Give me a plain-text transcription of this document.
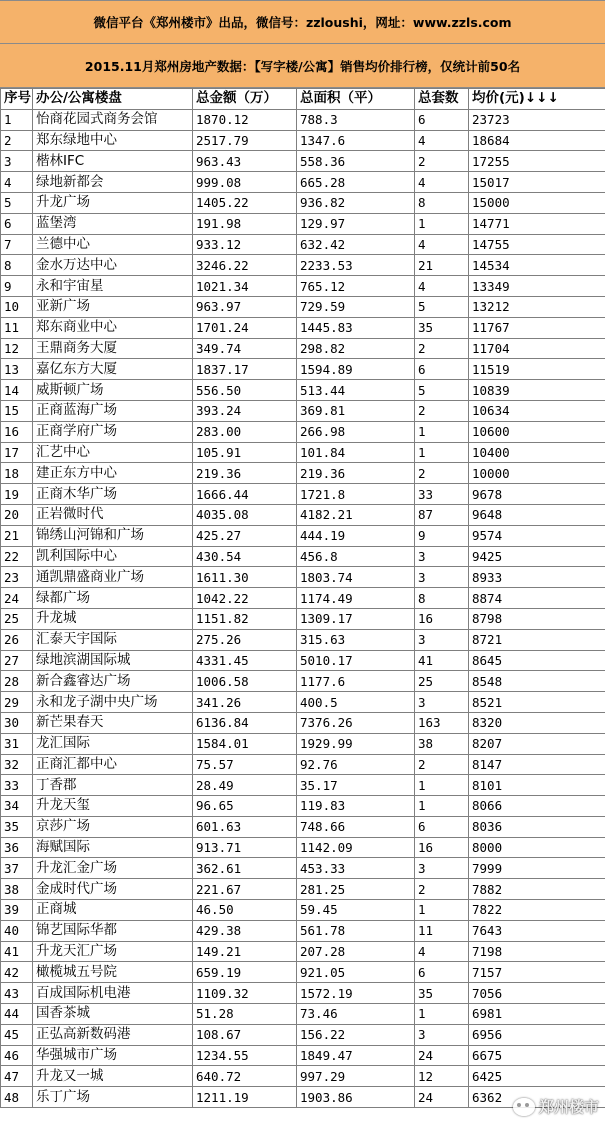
微信平台《郑州楼市》出品，微信号：zzloushi，网址：www.zzls.com
2015.11月郑州房地产数据：【写字楼/公寓】销售均价排行榜，仅统计前50名
序号	办公/公寓楼盘	总金额（万）	总面积（平）	总套数	均价(元)↓↓↓
1	怡商花园式商务会馆	1870.12	788.3	6	23723
2	郑东绿地中心	2517.79	1347.6	4	18684
3	楷林IFC	963.43	558.36	2	17255
4	绿地新都会	999.08	665.28	4	15017
5	升龙广场	1405.22	936.82	8	15000
6	蓝堡湾	191.98	129.97	1	14771
7	兰德中心	933.12	632.42	4	14755
8	金水万达中心	3246.22	2233.53	21	14534
9	永和宇宙星	1021.34	765.12	4	13349
10	亚新广场	963.97	729.59	5	13212
11	郑东商业中心	1701.24	1445.83	35	11767
12	王鼎商务大厦	349.74	298.82	2	11704
13	嘉亿东方大厦	1837.17	1594.89	6	11519
14	威斯顿广场	556.50	513.44	5	10839
15	正商蓝海广场	393.24	369.81	2	10634
16	正商学府广场	283.00	266.98	1	10600
17	汇艺中心	105.91	101.84	1	10400
18	建正东方中心	219.36	219.36	2	10000
19	正商木华广场	1666.44	1721.8	33	9678
20	正岩微时代	4035.08	4182.21	87	9648
21	锦绣山河锦和广场	425.27	444.19	9	9574
22	凯利国际中心	430.54	456.8	3	9425
23	通凯鼎盛商业广场	1611.30	1803.74	3	8933
24	绿都广场	1042.22	1174.49	8	8874
25	升龙城	1151.82	1309.17	16	8798
26	汇泰天宇国际	275.26	315.63	3	8721
27	绿地滨湖国际城	4331.45	5010.17	41	8645
28	新合鑫睿达广场	1006.58	1177.6	25	8548
29	永和龙子湖中央广场	341.26	400.5	3	8521
30	新芒果春天	6136.84	7376.26	163	8320
31	龙汇国际	1584.01	1929.99	38	8207
32	正商汇都中心	75.57	92.76	2	8147
33	丁香郡	28.49	35.17	1	8101
34	升龙天玺	96.65	119.83	1	8066
35	京莎广场	601.63	748.66	6	8036
36	海赋国际	913.71	1142.09	16	8000
37	升龙汇金广场	362.61	453.33	3	7999
38	金成时代广场	221.67	281.25	2	7882
39	正商城	46.50	59.45	1	7822
40	锦艺国际华都	429.38	561.78	11	7643
41	升龙天汇广场	149.21	207.28	4	7198
42	橄榄城五号院	659.19	921.05	6	7157
43	百成国际机电港	1109.32	1572.19	35	7056
44	国香茶城	51.28	73.46	1	6981
45	正弘高新数码港	108.67	156.22	3	6956
46	华强城市广场	1234.55	1849.47	24	6675
47	升龙又一城	640.72	997.29	12	6425
48	乐丁广场	1211.19	1903.86	24	6362
郑州楼市
